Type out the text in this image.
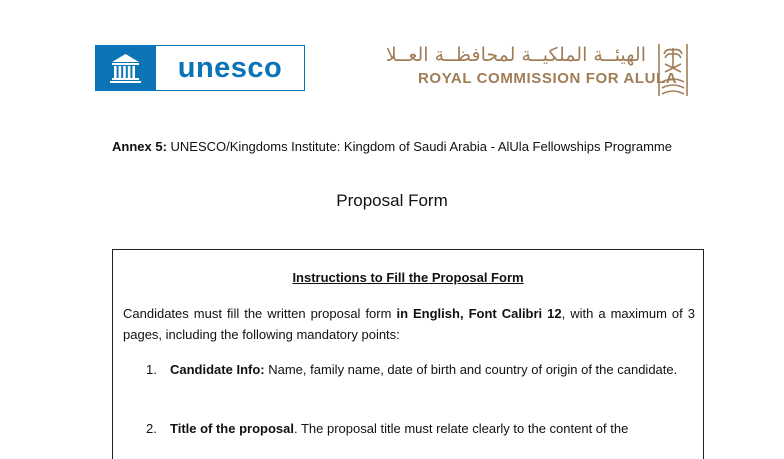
unesco	الهيئــة الملكيــة لمحافظــة العــلا
ROYAL COMMISSION FOR ALULA
Annex 5: UNESCO/Kingdoms Institute: Kingdom of Saudi Arabia - AlUla Fellowships Programme
Proposal Form
Instructions to Fill the Proposal Form
Candidates must fill the written proposal form in English, Font Calibri 12, with a maximum of 3 pages, including the following mandatory points:
1. Candidate Info: Name, family name, date of birth and country of origin of the candidate.
2. Title of the proposal. The proposal title must relate clearly to the content of the
